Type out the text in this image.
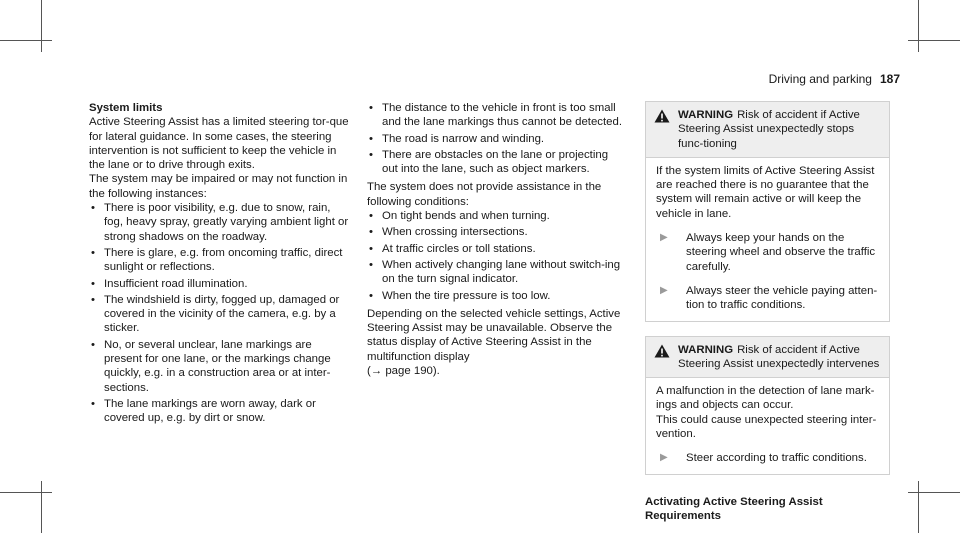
Driving and parking 187

System limits

Active Steering Assist has a limited steering tor-que for lateral guidance. In some cases, the steering intervention is not sufficient to keep the vehicle in the lane or to drive through exits.

The system may be impaired or may not function in the following instances:

• There is poor visibility, e.g. due to snow, rain, fog, heavy spray, greatly varying ambient light or strong shadows on the roadway.
• There is glare, e.g. from oncoming traffic, direct sunlight or reflections.
• Insufficient road illumination.
• The windshield is dirty, fogged up, damaged or covered in the vicinity of the camera, e.g. by a sticker.
• No, or several unclear, lane markings are present for one lane, or the markings change quickly, e.g. in a construction area or at inter-sections.
• The lane markings are worn away, dark or covered up, e.g. by dirt or snow.
• The distance to the vehicle in front is too small and the lane markings thus cannot be detected.
• The road is narrow and winding.
• There are obstacles on the lane or projecting out into the lane, such as object markers.

The system does not provide assistance in the following conditions:

• On tight bends and when turning.
• When crossing intersections.
• At traffic circles or toll stations.
• When actively changing lane without switch-ing on the turn signal indicator.
• When the tire pressure is too low.

Depending on the selected vehicle settings, Active Steering Assist may be unavailable. Observe the status display of Active Steering Assist in the multifunction display
(→ page 190).

WARNING Risk of accident if Active Steering Assist unexpectedly stops func-tioning

If the system limits of Active Steering Assist are reached there is no guarantee that the system will remain active or will keep the vehicle in lane.

▶	Always keep your hands on the steering wheel and observe the traffic carefully.
▶	Always steer the vehicle paying atten-tion to traffic conditions.
WARNING Risk of accident if Active Steering Assist unexpectedly intervenes

A malfunction in the detection of lane mark-ings and objects can occur.

This could cause unexpected steering inter-vention.

▶	Steer according to traffic conditions.

Activating Active Steering Assist

Requirements
